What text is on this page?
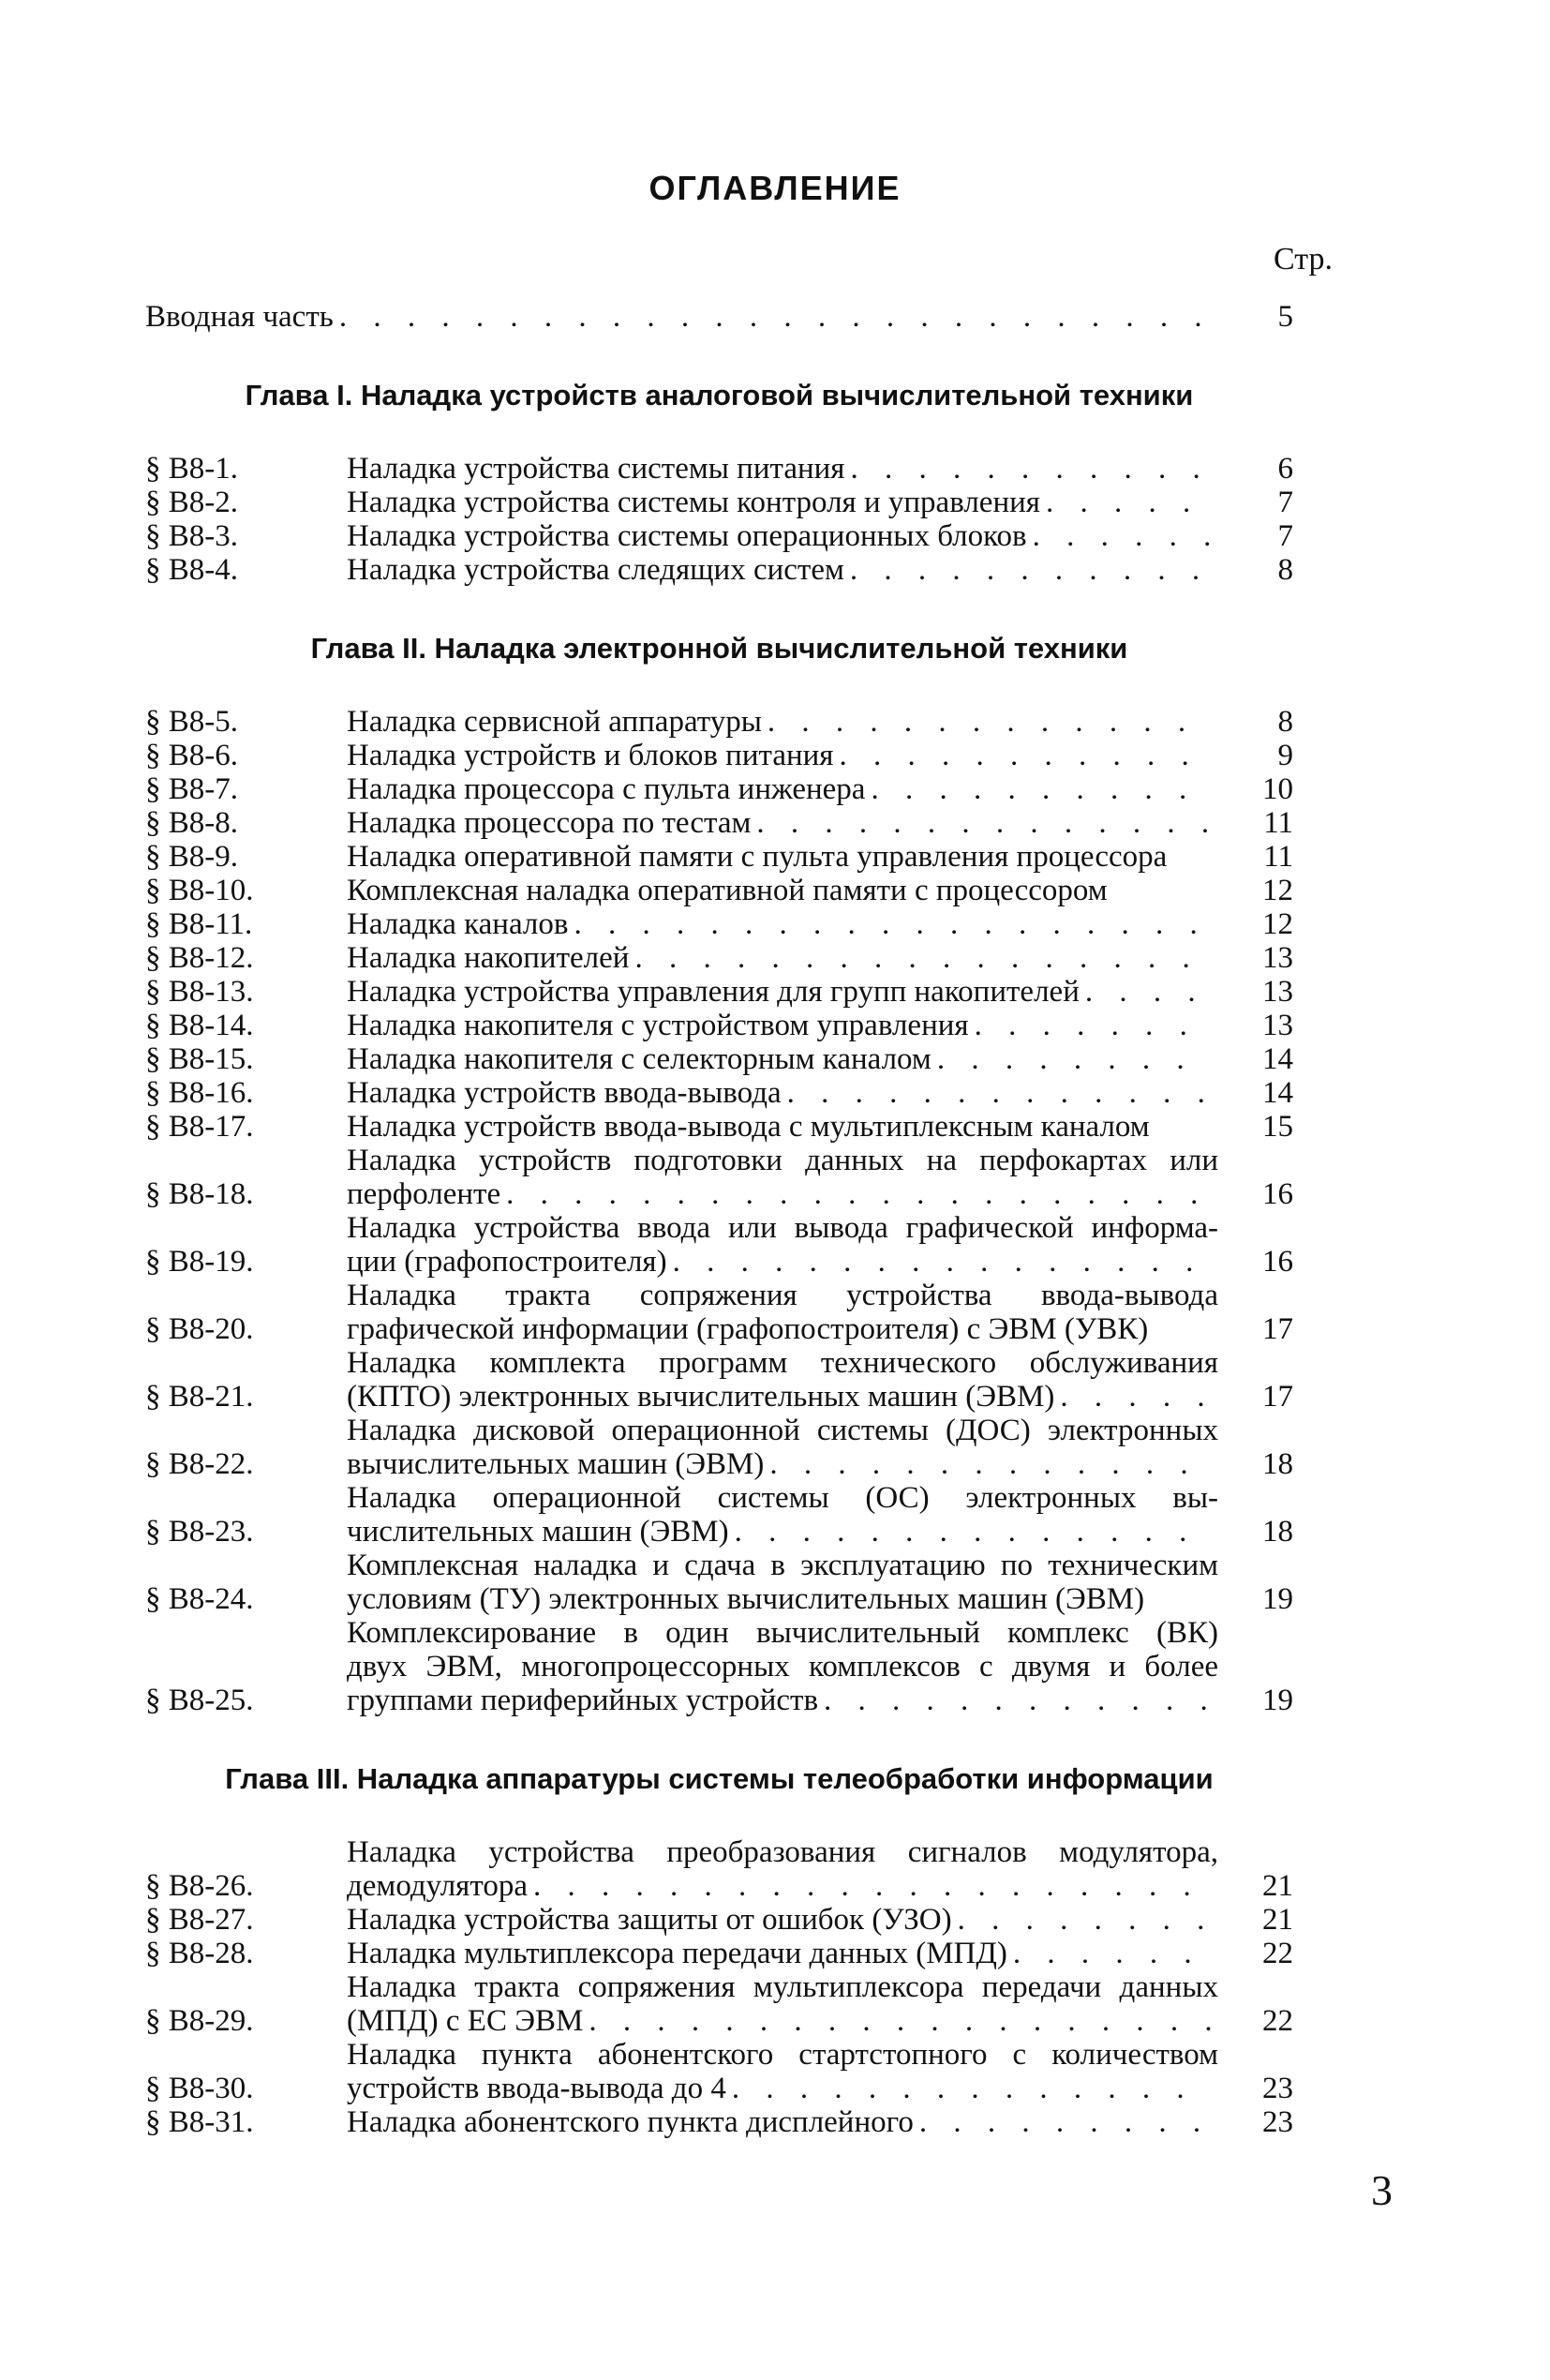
ОГЛАВЛЕНИЕ
Стр.
Вводная часть . . .	5
Глава I. Наладка устройств аналоговой вычислительной техники
§ В8-1.	Наладка устройства системы питания . . .	6
§ В8-2.	Наладка устройства системы контроля и управления . . .	7
§ В8-3.	Наладка устройства системы операционных блоков . . .	7
§ В8-4.	Наладка устройства следящих систем . . .	8
Глава II. Наладка электронной вычислительной техники
§ В8-5.	Наладка сервисной аппаратуры . . .	8
§ В8-6.	Наладка устройств и блоков питания . . .	9
§ В8-7.	Наладка процессора с пульта инженера . . .	10
§ В8-8.	Наладка процессора по тестам . . .	11
§ В8-9.	Наладка оперативной памяти с пульта управления процессора	11
§ В8-10.	Комплексная наладка оперативной памяти с процессором	12
§ В8-11.	Наладка каналов . . .	12
§ В8-12.	Наладка накопителей . . .	13
§ В8-13.	Наладка устройства управления для групп накопителей . . .	13
§ В8-14.	Наладка накопителя с устройством управления . . .	13
§ В8-15.	Наладка накопителя с селекторным каналом . . .	14
§ В8-16.	Наладка устройств ввода-вывода . . .	14
§ В8-17.	Наладка устройств ввода-вывода с мультиплексным каналом	15
§ В8-18.
Наладка устройств подготовки данных на перфокартах или
перфоленте . . .	16
§ В8-19.
Наладка устройства ввода или вывода графической информа-
ции (графопостроителя) . . .	16
§ В8-20.
Наладка тракта сопряжения устройства ввода-вывода
графической информации (графопостроителя) с ЭВМ (УВК)	17
§ В8-21.
Наладка комплекта программ технического обслуживания
(КПТО) электронных вычислительных машин (ЭВМ) . . .	17
§ В8-22.
Наладка дисковой операционной системы (ДОС) электронных
вычислительных машин (ЭВМ) . . .	18
§ В8-23.
Наладка операционной системы (ОС) электронных вы-
числительных машин (ЭВМ) . . .	18
§ В8-24.
Комплексная наладка и сдача в эксплуатацию по техническим
условиям (ТУ) электронных вычислительных машин (ЭВМ)	19
§ В8-25.
Комплексирование в один вычислительный комплекс (ВК)
двух ЭВМ, многопроцессорных комплексов с двумя и более
группами периферийных устройств . . .	19
Глава III. Наладка аппаратуры системы телеобработки информации
§ В8-26.
Наладка устройства преобразования сигналов модулятора,
демодулятора . . .	21
§ В8-27.	Наладка устройства защиты от ошибок (УЗО) . . .	21
§ В8-28.	Наладка мультиплексора передачи данных (МПД) . . .	22
§ В8-29.
Наладка тракта сопряжения мультиплексора передачи данных
(МПД) с ЕС ЭВМ . . .	22
§ В8-30.
Наладка пункта абонентского стартстопного с количеством
устройств ввода-вывода до 4 . . .	23
§ В8-31.	Наладка абонентского пункта дисплейного . . .	23
3
